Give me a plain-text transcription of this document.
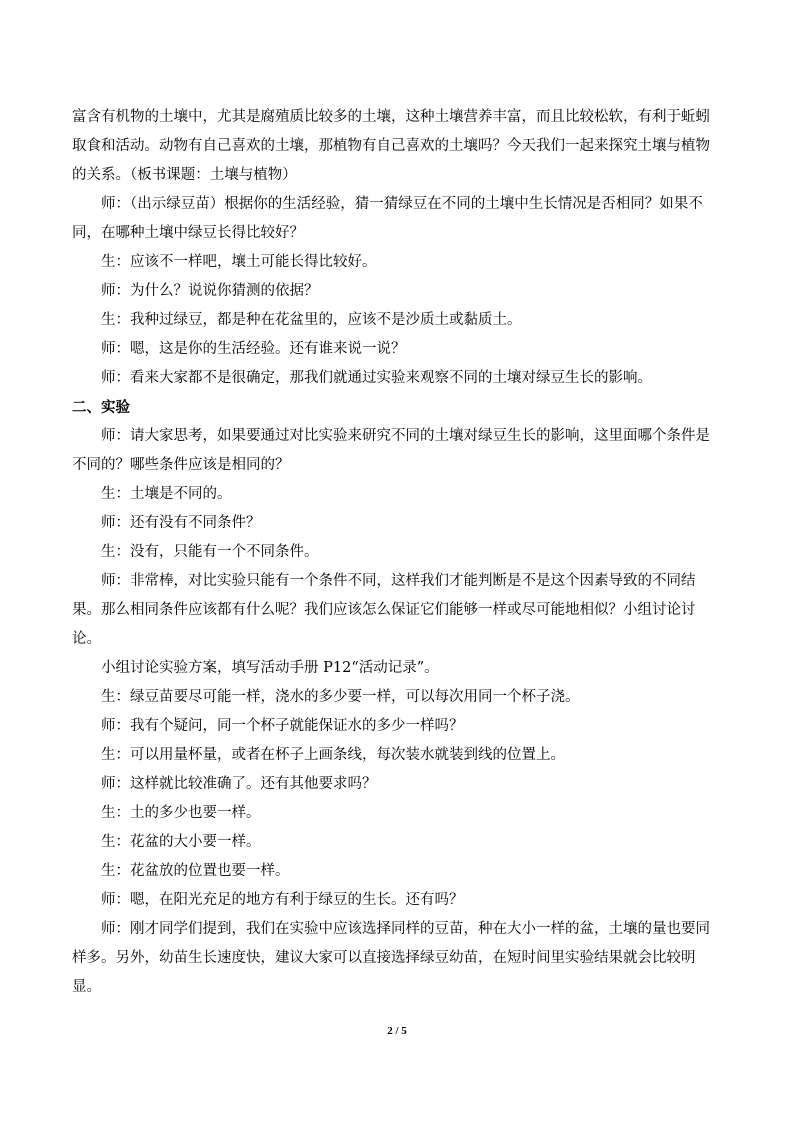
富含有机物的土壤中，尤其是腐殖质比较多的土壤，这种土壤营养丰富，而且比较松软，有利于蚯蚓取食和活动。动物有自己喜欢的土壤，那植物有自己喜欢的土壤吗？今天我们一起来探究土壤与植物的关系。（板书课题：土壤与植物）

师：（出示绿豆苗）根据你的生活经验，猜一猜绿豆在不同的土壤中生长情况是否相同？如果不同，在哪种土壤中绿豆长得比较好？

生：应该不一样吧，壤土可能长得比较好。

师：为什么？说说你猜测的依据？

生：我种过绿豆，都是种在花盆里的，应该不是沙质土或黏质土。

师：嗯，这是你的生活经验。还有谁来说一说？

师：看来大家都不是很确定，那我们就通过实验来观察不同的土壤对绿豆生长的影响。

二、实验

师：请大家思考，如果要通过对比实验来研究不同的土壤对绿豆生长的影响，这里面哪个条件是不同的？哪些条件应该是相同的？

生：土壤是不同的。

师：还有没有不同条件？

生：没有，只能有一个不同条件。

师：非常棒，对比实验只能有一个条件不同，这样我们才能判断是不是这个因素导致的不同结果。那么相同条件应该都有什么呢？我们应该怎么保证它们能够一样或尽可能地相似？小组讨论讨论。

小组讨论实验方案，填写活动手册 P12“活动记录”。

生：绿豆苗要尽可能一样，浇水的多少要一样，可以每次用同一个杯子浇。

师：我有个疑问，同一个杯子就能保证水的多少一样吗？

生：可以用量杯量，或者在杯子上画条线，每次装水就装到线的位置上。

师：这样就比较准确了。还有其他要求吗？

生：土的多少也要一样。

生：花盆的大小要一样。

生：花盆放的位置也要一样。

师：嗯，在阳光充足的地方有利于绿豆的生长。还有吗？

师：刚才同学们提到，我们在实验中应该选择同样的豆苗，种在大小一样的盆，土壤的量也要同样多。另外，幼苗生长速度快，建议大家可以直接选择绿豆幼苗，在短时间里实验结果就会比较明显。

2 / 5
